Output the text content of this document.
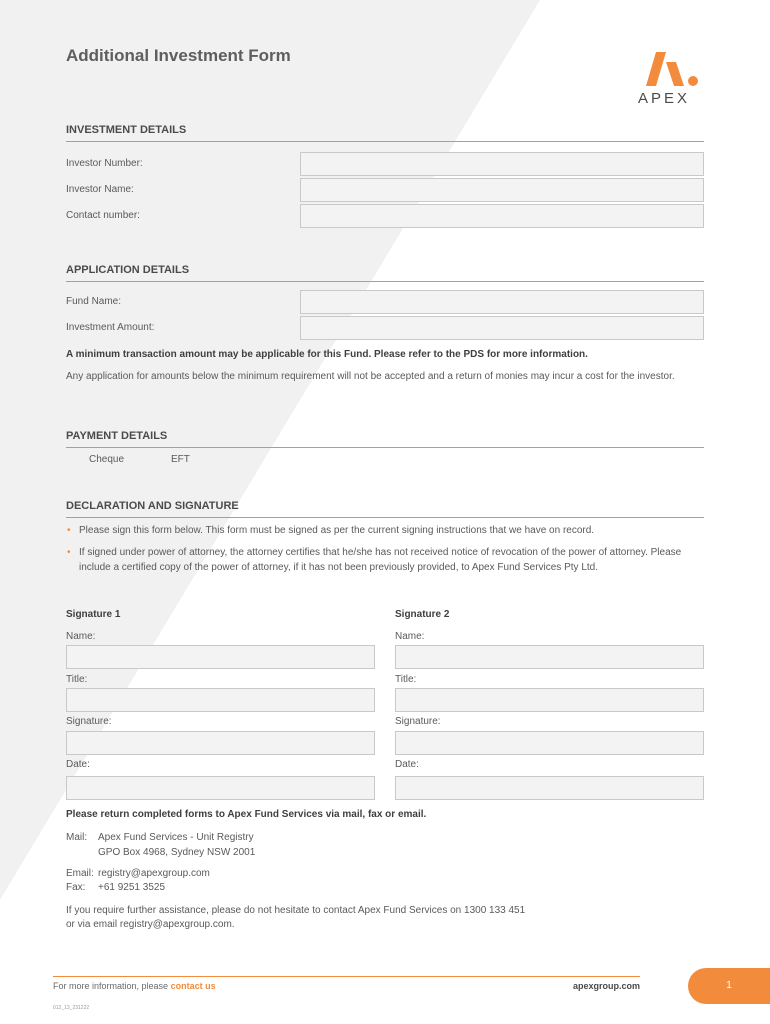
Additional Investment Form
APEX
INVESTMENT DETAILS
Investor Number:
Investor Name:
Contact number:
APPLICATION DETAILS
Fund Name:
Investment Amount:
A minimum transaction amount may be applicable for this Fund. Please refer to the PDS for more information.
Any application for amounts below the minimum requirement will not be accepted and a return of monies may incur a cost for the investor.
PAYMENT DETAILS
Cheque	EFT
DECLARATION AND SIGNATURE
• Please sign this form below. This form must be signed as per the current signing instructions that we have on record.
• If signed under power of attorney, the attorney certifies that he/she has not received notice of revocation of the power of attorney. Please include a certified copy of the power of attorney, if it has not been previously provided, to Apex Fund Services Pty Ltd.
Signature 1
Name:
Title:
Signature:
Date:
Signature 2
Name:
Title:
Signature:
Date:
Please return completed forms to Apex Fund Services via mail, fax or email.
Mail: Apex Fund Services - Unit Registry
GPO Box 4968, Sydney NSW 2001
Email: registry@apexgroup.com
Fax: +61 9251 3525
If you require further assistance, please do not hesitate to contact Apex Fund Services on 1300 133 451
or via email registry@apexgroup.com.
For more information, please contact us	apexgroup.com	1
012_13_231222
